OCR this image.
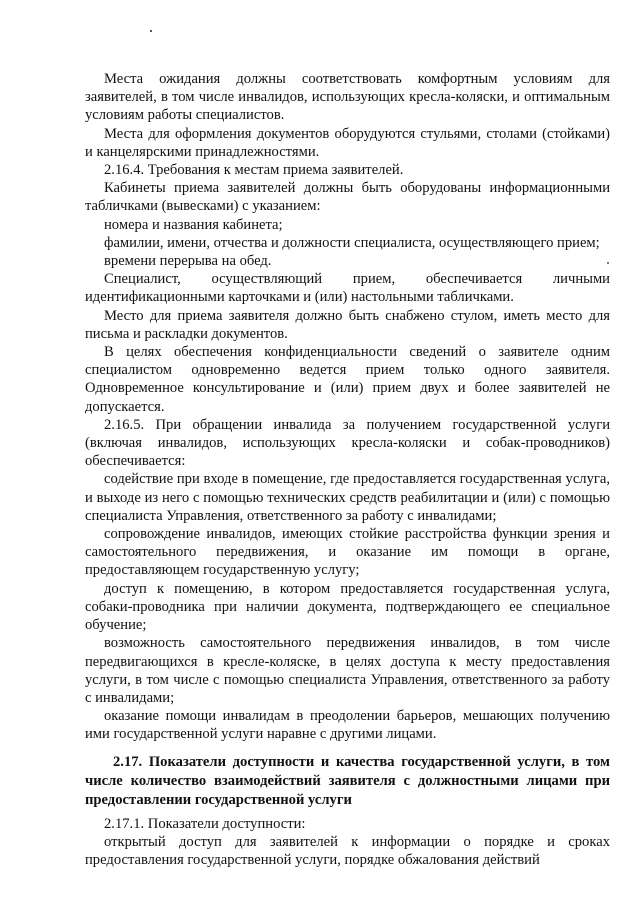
Места ожидания должны соответствовать комфортным условиям для заявителей, в том числе инвалидов, использующих кресла-коляски, и оптимальным условиям работы специалистов.

Места для оформления документов оборудуются стульями, столами (стойками) и канцелярскими принадлежностями.

2.16.4. Требования к местам приема заявителей.

Кабинеты приема заявителей должны быть оборудованы информационными табличками (вывесками) с указанием:

номера и названия кабинета;

фамилии, имени, отчества и должности специалиста, осуществляющего прием;

времени перерыва на обед.

Специалист, осуществляющий прием, обеспечивается личными идентификационными карточками и (или) настольными табличками.

Место для приема заявителя должно быть снабжено стулом, иметь место для письма и раскладки документов.

В целях обеспечения конфиденциальности сведений о заявителе одним специалистом одновременно ведется прием только одного заявителя. Одновременное консультирование и (или) прием двух и более заявителей не допускается.

2.16.5. При обращении инвалида за получением государственной услуги (включая инвалидов, использующих кресла-коляски и собак-проводников) обеспечивается:

содействие при входе в помещение, где предоставляется государственная услуга, и выходе из него с помощью технических средств реабилитации и (или) с помощью специалиста Управления, ответственного за работу с инвалидами;

сопровождение инвалидов, имеющих стойкие расстройства функции зрения и самостоятельного передвижения, и оказание им помощи в органе, предоставляющем государственную услугу;

доступ к помещению, в котором предоставляется государственная услуга, собаки-проводника при наличии документа, подтверждающего ее специальное обучение;

возможность самостоятельного передвижения инвалидов, в том числе передвигающихся в кресле-коляске, в целях доступа к месту предоставления услуги, в том числе с помощью специалиста Управления, ответственного за работу с инвалидами;

оказание помощи инвалидам в преодолении барьеров, мешающих получению ими государственной услуги наравне с другими лицами.

2.17. Показатели доступности и качества государственной услуги, в том числе количество взаимодействий заявителя с должностными лицами при предоставлении государственной услуги

2.17.1. Показатели доступности:

открытый доступ для заявителей к информации о порядке и сроках предоставления государственной услуги, порядке обжалования действий
